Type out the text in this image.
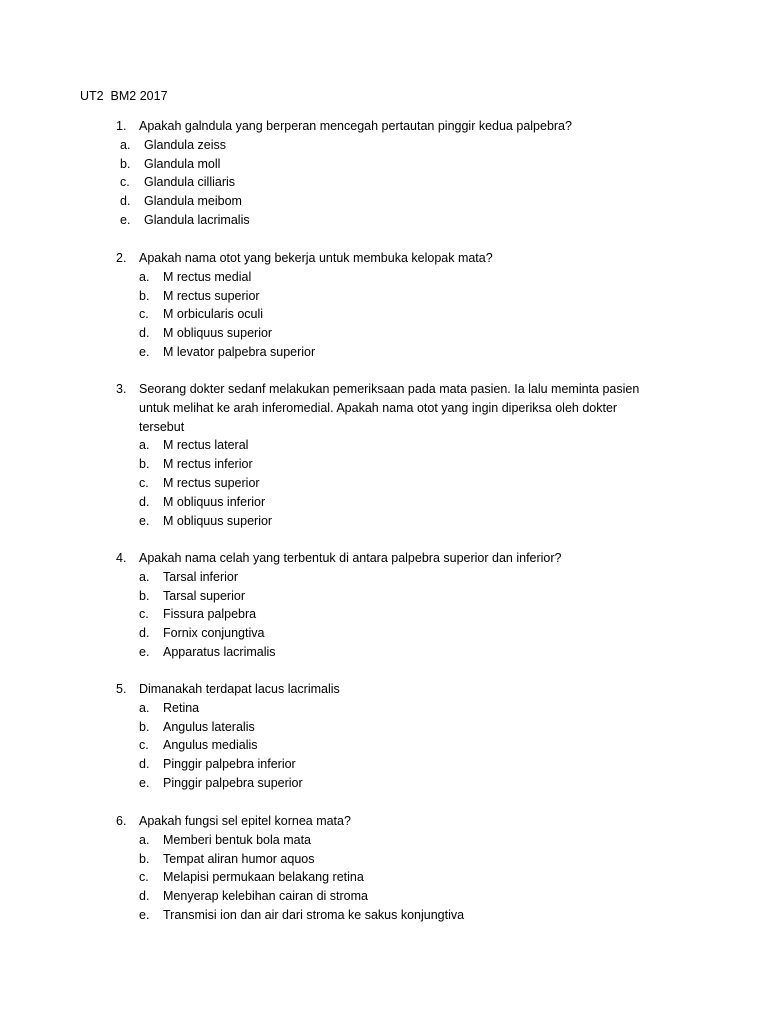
UT2  BM2 2017
1. Apakah galndula yang berperan mencegah pertautan pinggir kedua palpebra?
a. Glandula zeiss
b. Glandula moll
c. Glandula cilliaris
d. Glandula meibom
e. Glandula lacrimalis
2. Apakah nama otot yang bekerja untuk membuka kelopak mata?
a. M rectus medial
b. M rectus superior
c. M orbicularis oculi
d. M obliquus superior
e. M levator palpebra superior
3. Seorang dokter sedanf melakukan pemeriksaan pada mata pasien. Ia lalu meminta pasien untuk melihat ke arah inferomedial. Apakah nama otot yang ingin diperiksa oleh dokter tersebut
a. M rectus lateral
b. M rectus inferior
c. M rectus superior
d. M obliquus inferior
e. M obliquus superior
4. Apakah nama celah yang terbentuk di antara palpebra superior dan inferior?
a. Tarsal inferior
b. Tarsal superior
c. Fissura palpebra
d. Fornix conjungtiva
e. Apparatus lacrimalis
5. Dimanakah terdapat lacus lacrimalis
a. Retina
b. Angulus lateralis
c. Angulus medialis
d. Pinggir palpebra inferior
e. Pinggir palpebra superior
6. Apakah fungsi sel epitel kornea mata?
a. Memberi bentuk bola mata
b. Tempat aliran humor aquos
c. Melapisi permukaan belakang retina
d. Menyerap kelebihan cairan di stroma
e. Transmisi ion dan air dari stroma ke sakus konjungtiva
